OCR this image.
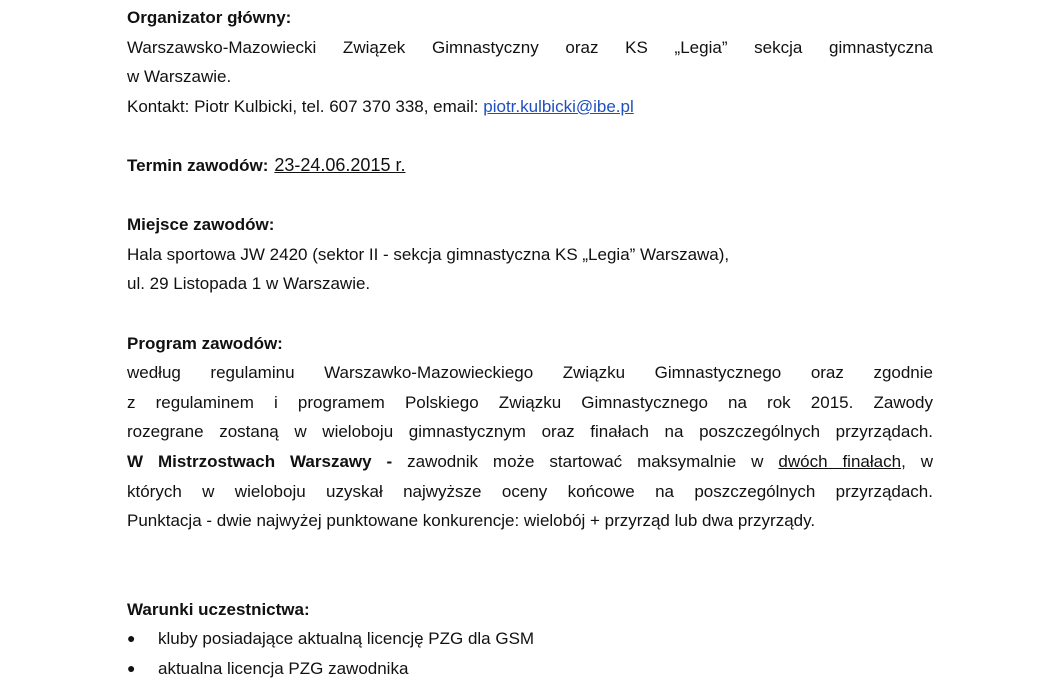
Organizator główny:
Warszawsko-Mazowiecki Związek Gimnastyczny oraz KS „Legia” sekcja gimnastyczna
w Warszawie.
Kontakt: Piotr Kulbicki, tel. 607 370 338, email: piotr.kulbicki@ibe.pl
Termin zawodów: 23-24.06.2015 r.
Miejsce zawodów:
Hala sportowa JW 2420 (sektor II - sekcja gimnastyczna KS „Legia” Warszawa),
ul. 29 Listopada 1 w Warszawie.
Program zawodów:
według regulaminu Warszawko-Mazowieckiego Związku Gimnastycznego oraz zgodnie
z regulaminem i programem Polskiego Związku Gimnastycznego na rok 2015. Zawody
rozegrane zostaną w wieloboju gimnastycznym oraz finałach na poszczególnych przyrządach.
W Mistrzostwach Warszawy - zawodnik może startować maksymalnie w dwóch finałach, w
których w wieloboju uzyskał najwyższe oceny końcowe na poszczególnych przyrządach.
Punktacja - dwie najwyżej punktowane konkurencje: wielobój + przyrząd lub dwa przyrządy.
Warunki uczestnictwa:
● kluby posiadające aktualną licencję PZG dla GSM
● aktualna licencja PZG zawodnika
